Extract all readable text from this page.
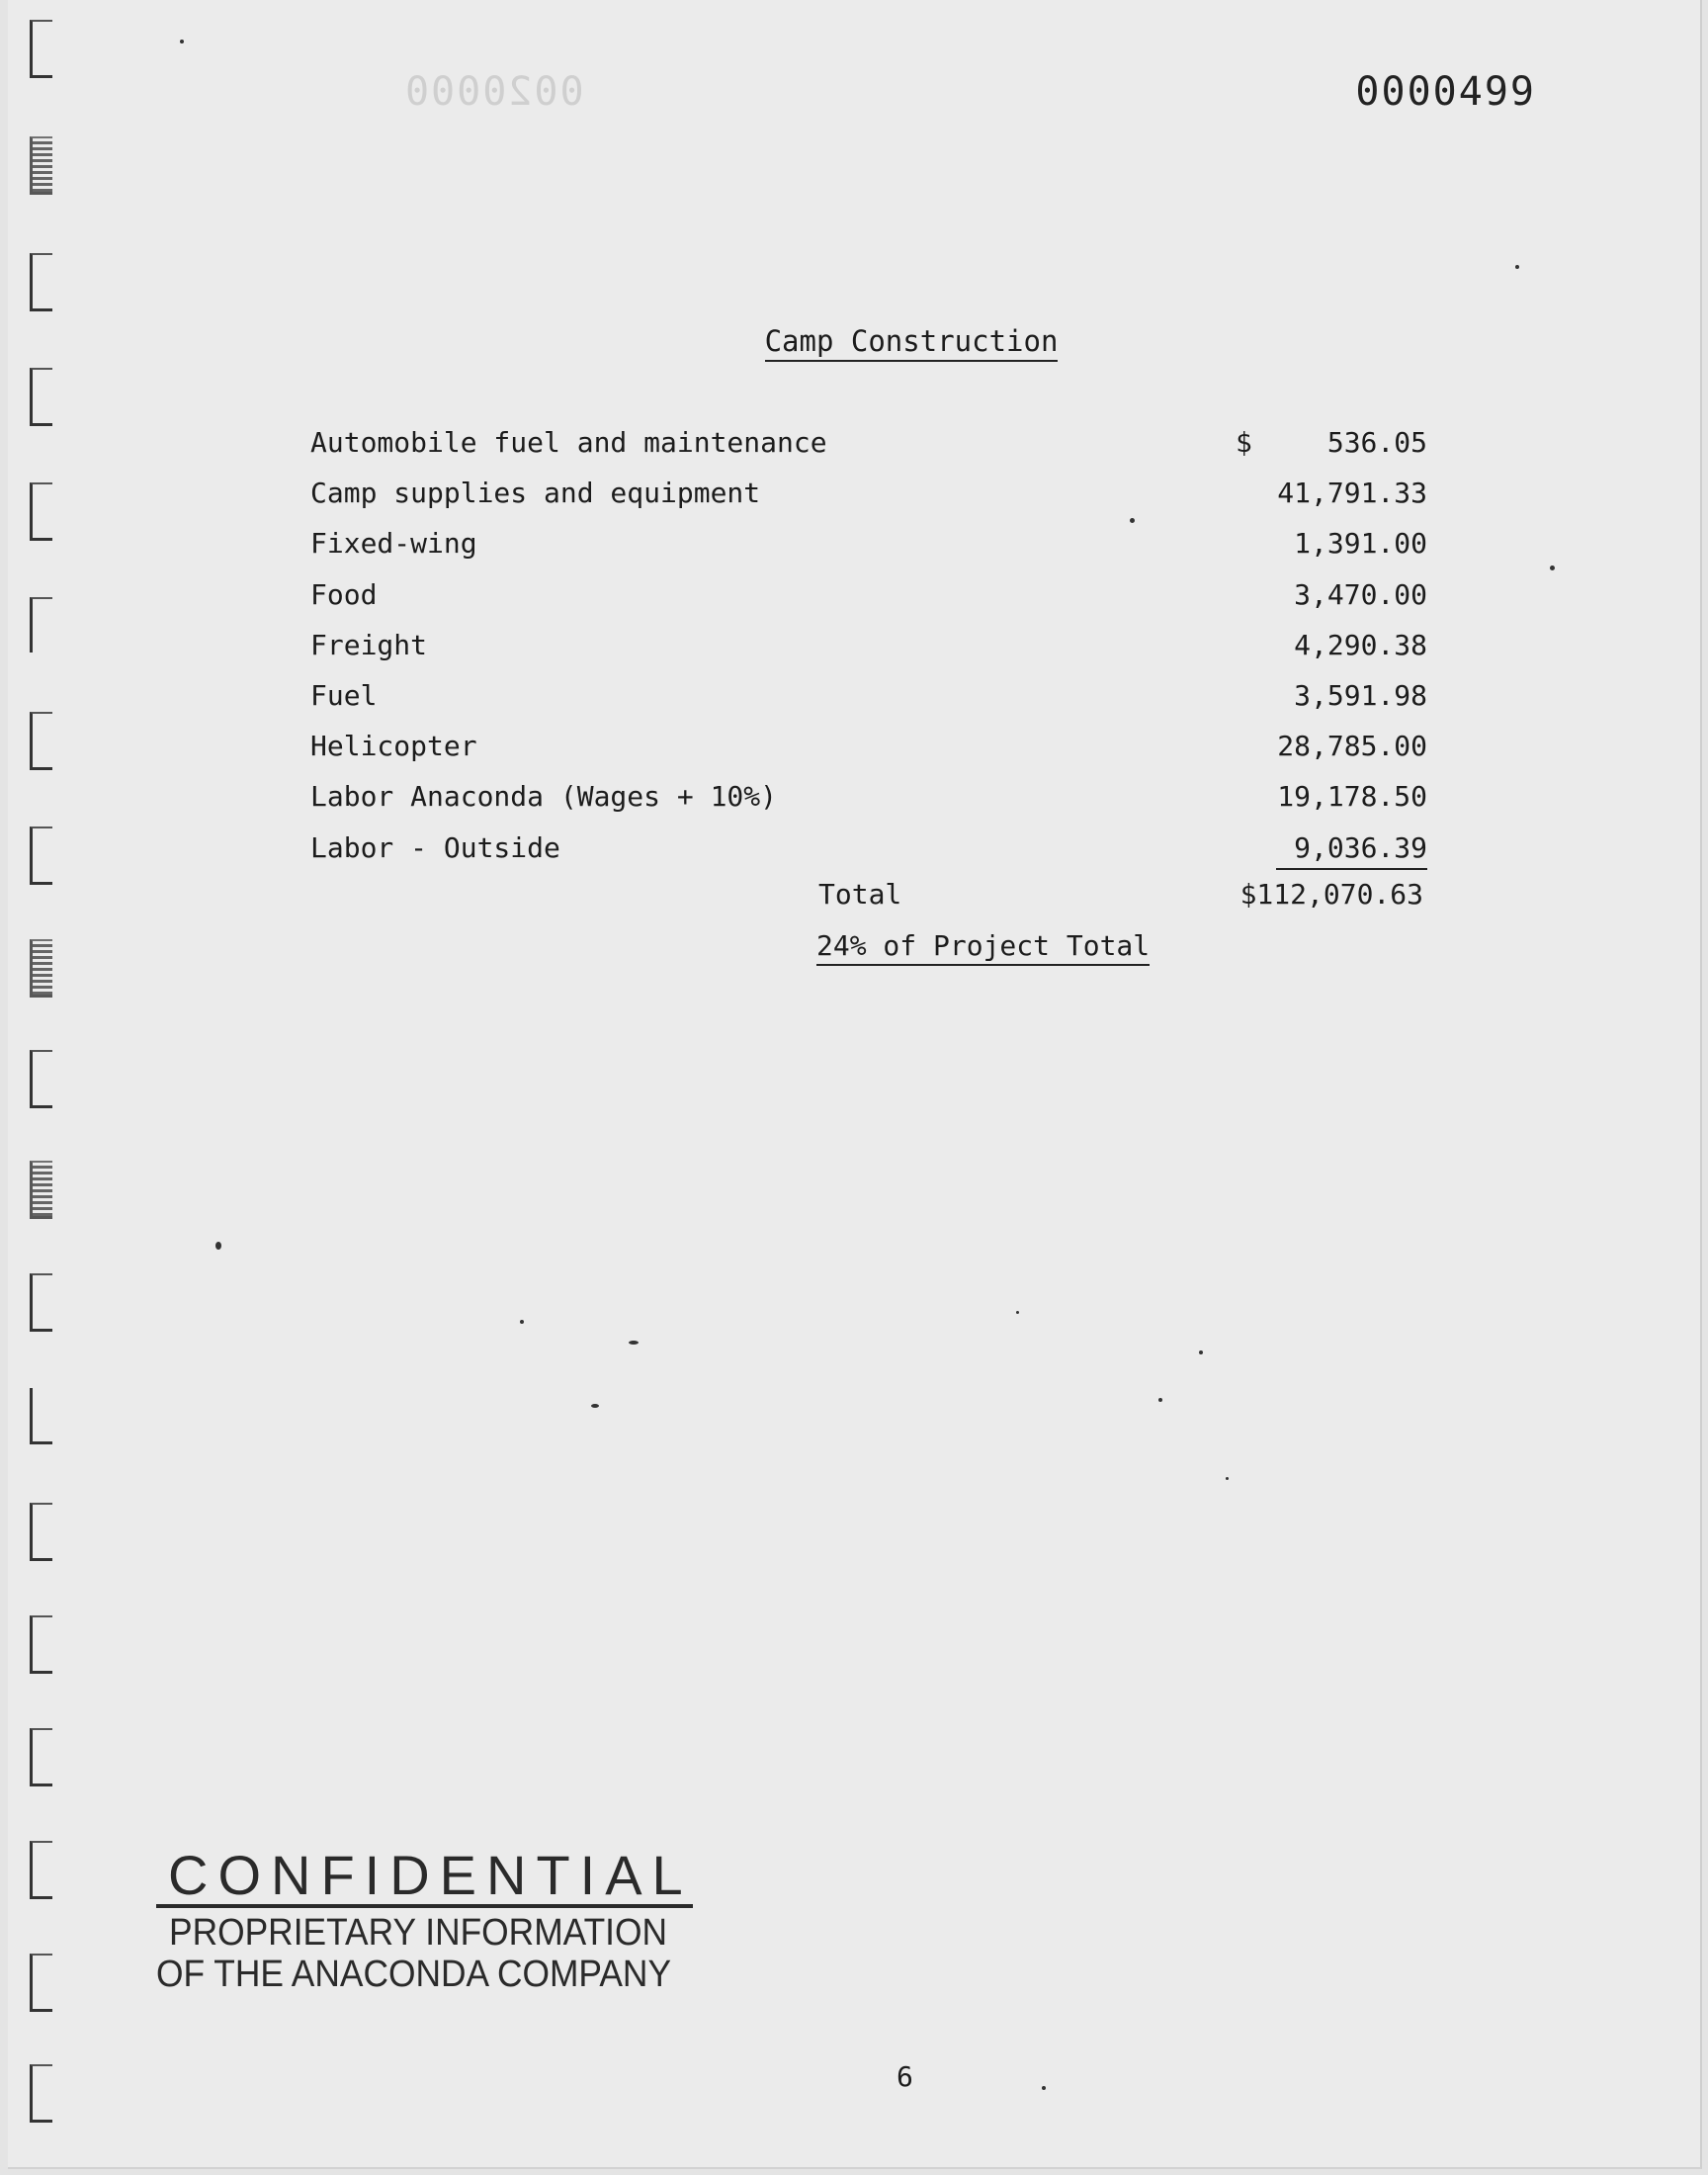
0020000	0000499
Camp Construction
Automobile fuel and maintenance	$	536.05
Camp supplies and equipment	41,791.33
Fixed-wing	1,391.00
Food	3,470.00
Freight	4,290.38
Fuel	3,591.98
Helicopter	28,785.00
Labor Anaconda (Wages + 10%)	19,178.50
Labor - Outside	9,036.39
Total	$112,070.63
24% of Project Total
CONFIDENTIAL
PROPRIETARY INFORMATION
OF THE ANACONDA COMPANY
6
